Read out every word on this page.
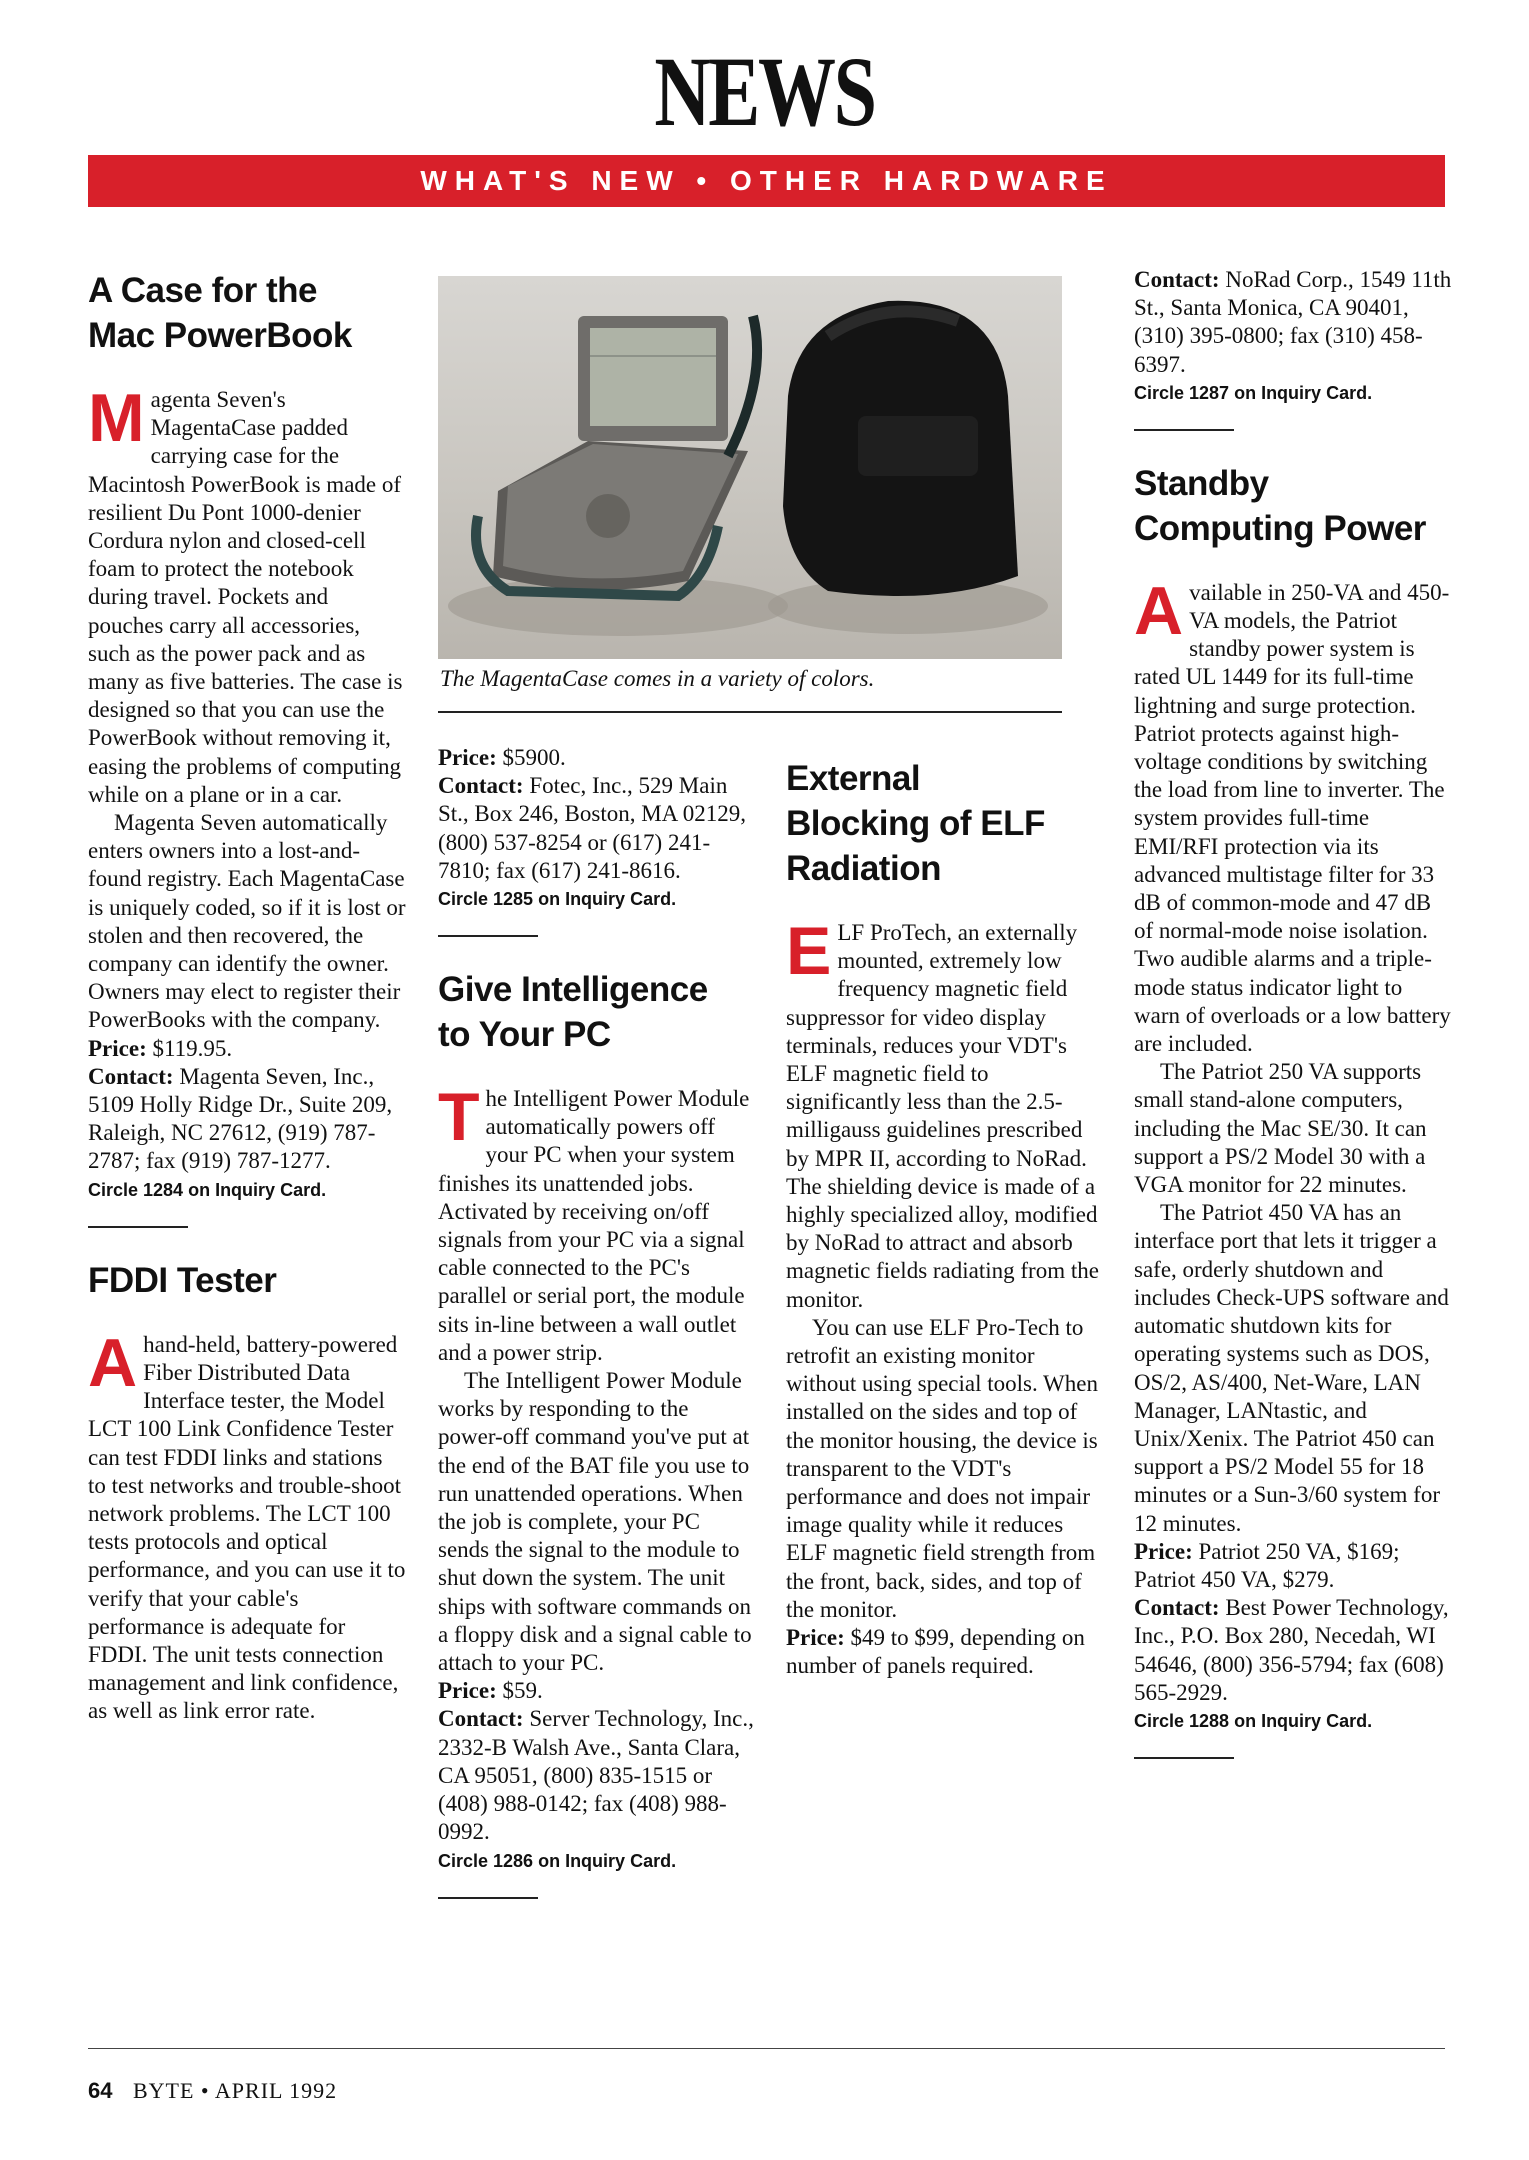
NEWS
WHAT'S NEW • OTHER HARDWARE
A Case for the
Mac PowerBook

Magenta Seven's MagentaCase padded carrying case for the Macintosh PowerBook is made of resilient Du Pont 1000-denier Cordura nylon and closed-cell foam to protect the notebook during travel. Pockets and pouches carry all accessories, such as the power pack and as many as five batteries. The case is designed so that you can use the PowerBook without removing it, easing the problems of computing while on a plane or in a car.

Magenta Seven automatically enters owners into a lost-and-found registry. Each MagentaCase is uniquely coded, so if it is lost or stolen and then recovered, the company can identify the owner. Owners may elect to register their PowerBooks with the company.

Price: $119.95.

Contact: Magenta Seven, Inc., 5109 Holly Ridge Dr., Suite 209, Raleigh, NC 27612, (919) 787-2787; fax (919) 787-1277.

Circle 1284 on Inquiry Card.

FDDI Tester

Ahand-held, battery-powered Fiber Distributed Data Interface tester, the Model LCT 100 Link Confidence Tester can test FDDI links and stations to test networks and trouble-shoot network problems. The LCT 100 tests protocols and optical performance, and you can use it to verify that your cable's performance is adequate for FDDI. The unit tests connection management and link confidence, as well as link error rate.

The MagentaCase comes in a variety of colors.

Price: $5900.

Contact: Fotec, Inc., 529 Main St., Box 246, Boston, MA 02129, (800) 537-8254 or (617) 241-7810; fax (617) 241-8616.

Circle 1285 on Inquiry Card.

Give Intelligence
to Your PC

The Intelligent Power Module automatically powers off your PC when your system finishes its unattended jobs. Activated by receiving on/off signals from your PC via a signal cable connected to the PC's parallel or serial port, the module sits in-line between a wall outlet and a power strip.

The Intelligent Power Module works by responding to the power-off command you've put at the end of the BAT file you use to run unattended operations. When the job is complete, your PC sends the signal to the module to shut down the system. The unit ships with software commands on a floppy disk and a signal cable to attach to your PC.

Price: $59.

Contact: Server Technology, Inc., 2332-B Walsh Ave., Santa Clara, CA 95051, (800) 835-1515 or (408) 988-0142; fax (408) 988-0992.

Circle 1286 on Inquiry Card.

External
Blocking of ELF
Radiation

ELF ProTech, an externally mounted, extremely low frequency magnetic field suppressor for video display terminals, reduces your VDT's ELF magnetic field to significantly less than the 2.5-milligauss guidelines prescribed by MPR II, according to NoRad. The shielding device is made of a highly specialized alloy, modified by NoRad to attract and absorb magnetic fields radiating from the monitor.

You can use ELF Pro-Tech to retrofit an existing monitor without using special tools. When installed on the sides and top of the monitor housing, the device is transparent to the VDT's performance and does not impair image quality while it reduces ELF magnetic field strength from the front, back, sides, and top of the monitor.

Price: $49 to $99, depending on number of panels required.

Contact: NoRad Corp., 1549 11th St., Santa Monica, CA 90401, (310) 395-0800; fax (310) 458-6397.

Circle 1287 on Inquiry Card.

Standby
Computing Power

Available in 250-VA and 450-VA models, the Patriot standby power system is rated UL 1449 for its full-time lightning and surge protection. Patriot protects against high-voltage conditions by switching the load from line to inverter. The system provides full-time EMI/RFI protection via its advanced multistage filter for 33 dB of common-mode and 47 dB of normal-mode noise isolation. Two audible alarms and a triple-mode status indicator light to warn of overloads or a low battery are included.

The Patriot 250 VA supports small stand-alone computers, including the Mac SE/30. It can support a PS/2 Model 30 with a VGA monitor for 22 minutes.

The Patriot 450 VA has an interface port that lets it trigger a safe, orderly shutdown and includes Check-UPS software and automatic shutdown kits for operating systems such as DOS, OS/2, AS/400, Net-Ware, LAN Manager, LANtastic, and Unix/Xenix. The Patriot 450 can support a PS/2 Model 55 for 18 minutes or a Sun-3/60 system for 12 minutes.

Price: Patriot 250 VA, $169; Patriot 450 VA, $279.

Contact: Best Power Technology, Inc., P.O. Box 280, Necedah, WI 54646, (800) 356-5794; fax (608) 565-2929.

Circle 1288 on Inquiry Card.

64 BYTE • APRIL 1992
